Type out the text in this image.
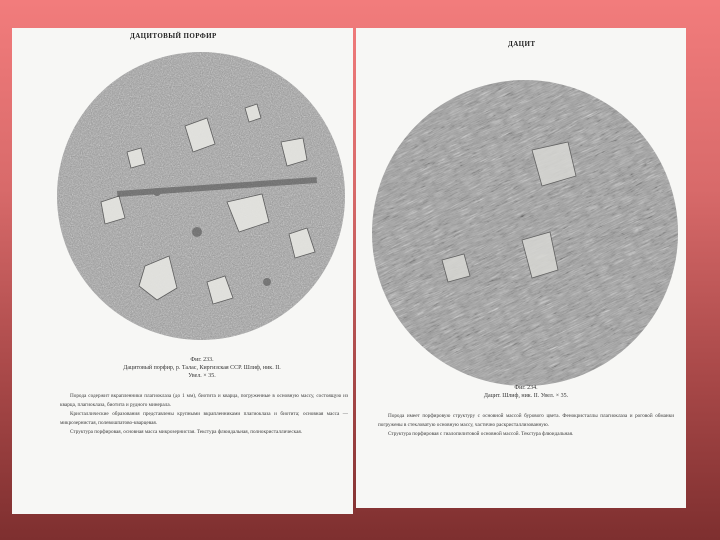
ДАЦИТОВЫЙ ПОРФИР
Фиг. 233.
Дацитовый порфир, р. Талас, Киргизская ССР. Шлиф, ник. II.
Увел. × 35.

Порода содержит вкрапленники плагиоклаза (до 1 мм), биотита и кварца, погруженные в основную массу, состоящую из кварца, плагиоклаза, биотита и рудного минерала.

Кристаллические образования представлены крупными вкрапленниками плагиоклаза и биотита; основная масса — микрозернистая, полевошпатово-кварцевая.

Структура порфировая, основная масса микрозернистая. Текстура флюидальная, полнокристаллическая.

ДАЦИТ
Фиг. 234.
Дацит. Шлиф, ник. II. Увел. × 35.

Порода имеет порфировую структуру с основной массой бурового цвета. Фенокристаллы плагиоклаза и роговой обманки погружены в стекловатую основную массу, частично раскристаллизованную.

Структура порфировая с гиалопилитовой основной массой. Текстура флюидальная.
